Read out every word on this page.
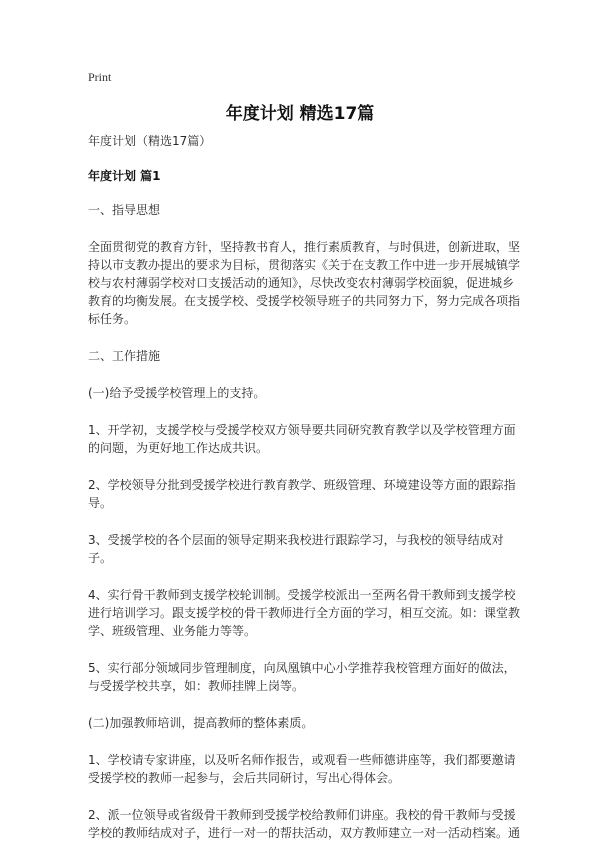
Print
年度计划 精选17篇

年度计划（精选17篇）

年度计划 篇1

一、指导思想

全面贯彻党的教育方针，坚持教书育人，推行素质教育，与时俱进，创新进取，坚持以市支教办提出的要求为目标，贯彻落实《关于在支教工作中进一步开展城镇学校与农村薄弱学校对口支援活动的通知》，尽快改变农村薄弱学校面貌，促进城乡教育的均衡发展。在支援学校、受援学校领导班子的共同努力下，努力完成各项指标任务。

二、工作措施

(一)给予受援学校管理上的支持。

1、开学初，支援学校与受援学校双方领导要共同研究教育教学以及学校管理方面的问题，为更好地工作达成共识。

2、学校领导分批到受援学校进行教育教学、班级管理、环境建设等方面的跟踪指导。

3、受援学校的各个层面的领导定期来我校进行跟踪学习，与我校的领导结成对子。

4、实行骨干教师到支援学校轮训制。受援学校派出一至两名骨干教师到支援学校进行培训学习。跟支援学校的骨干教师进行全方面的学习，相互交流。如：课堂教学、班级管理、业务能力等等。

5、实行部分领域同步管理制度，向凤凰镇中心小学推荐我校管理方面好的做法，与受援学校共享，如：教师挂牌上岗等。

(二)加强教师培训，提高教师的整体素质。

1、学校请专家讲座，以及听名师作报告，或观看一些师德讲座等，我们都要邀请受援学校的教师一起参与，会后共同研讨，写出心得体会。

2、派一位领导或省级骨干教师到受援学校给教师们讲座。我校的骨干教师与受援学校的教师结成对子，进行一对一的帮扶活动，双方教师建立一对一活动档案。通
